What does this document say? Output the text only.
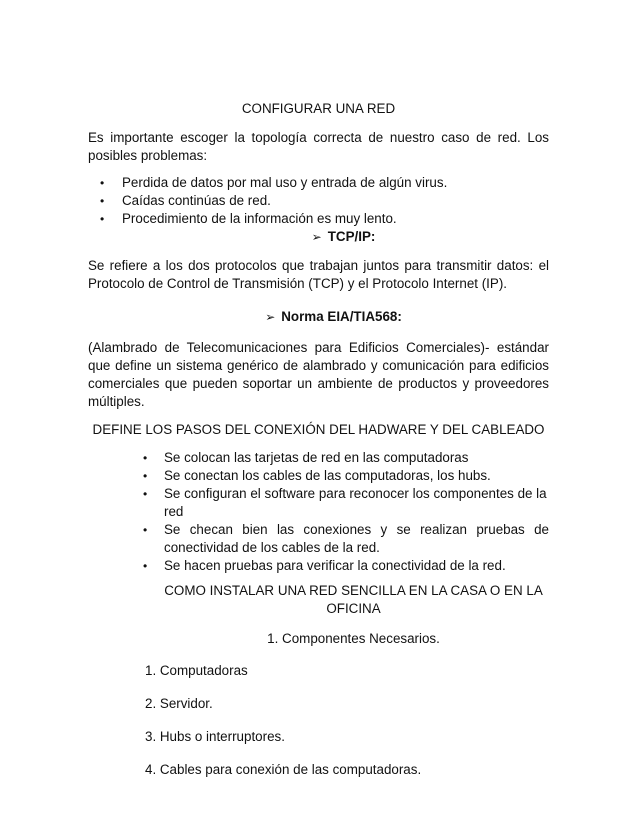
CONFIGURAR UNA RED

Es importante escoger la topología correcta de nuestro caso de red. Los posibles problemas:

• Perdida de datos por mal uso y entrada de algún virus.
• Caídas continúas de red.
• Procedimiento de la información es muy lento.
➢ TCP/IP:

Se refiere a los dos protocolos que trabajan juntos para transmitir datos: el Protocolo de Control de Transmisión (TCP) y el Protocolo Internet (IP).

➢ Norma EIA/TIA568:

(Alambrado de Telecomunicaciones para Edificios Comerciales)- estándar que define un sistema genérico de alambrado y comunicación para edificios comerciales que pueden soportar un ambiente de productos y proveedores múltiples.

DEFINE LOS PASOS DEL CONEXIÓN DEL HADWARE Y DEL CABLEADO

• Se colocan las tarjetas de red en las computadoras
• Se conectan los cables de las computadoras, los hubs.
• Se configuran el software para reconocer los componentes de la red
• Se checan bien las conexiones y se realizan pruebas de conectividad de los cables de la red.
• Se hacen pruebas para verificar la conectividad de la red.

COMO INSTALAR UNA RED SENCILLA EN LA CASA O EN LA

OFICINA

1. Componentes Necesarios.

1. Computadoras
2. Servidor.
3. Hubs o interruptores.
4. Cables para conexión de las computadoras.
